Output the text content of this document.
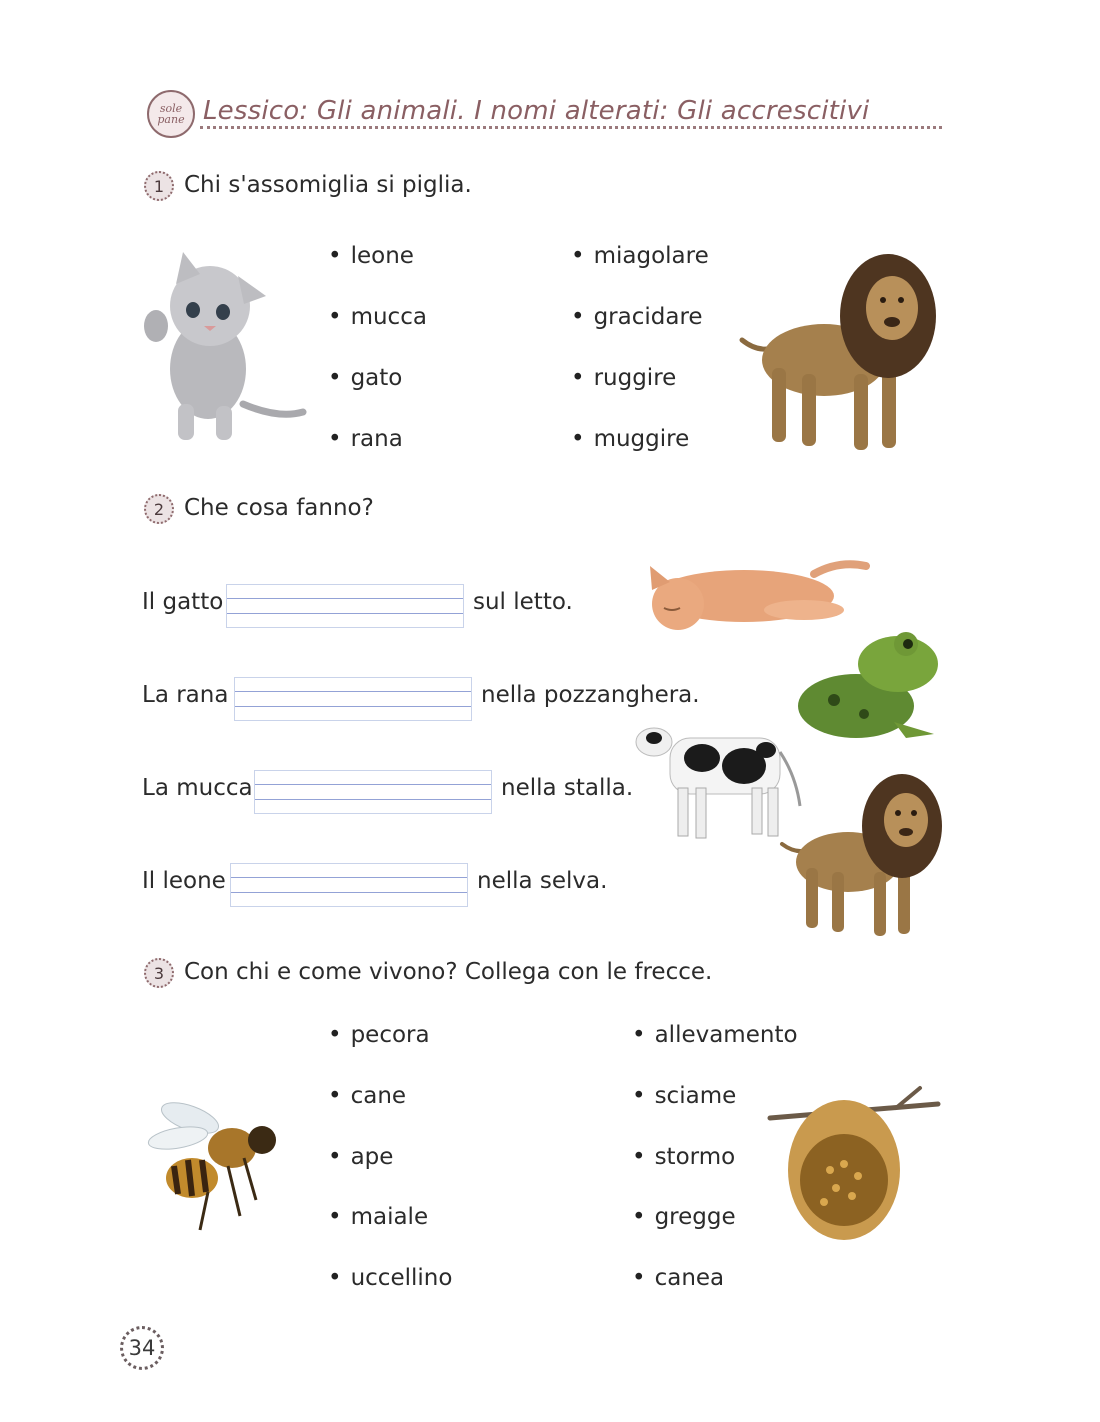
sole
pane Lessico: Gli animali. I nomi alterati: Gli accrescitivi
1 Chi s'assomiglia si piglia.
• leone
• mucca
• gato
• rana
• miagolare
• gracidare
• ruggire
• muggire
2 Che cosa fanno?
Il gatto	sul letto.
La rana	nella pozzanghera.
La mucca	nella stalla.
Il leone	nella selva.
3 Con chi e come vivono? Collega con le frecce.
• pecora
• cane
• ape
• maiale
• uccellino
• allevamento
• sciame
• stormo
• gregge
• canea
34
